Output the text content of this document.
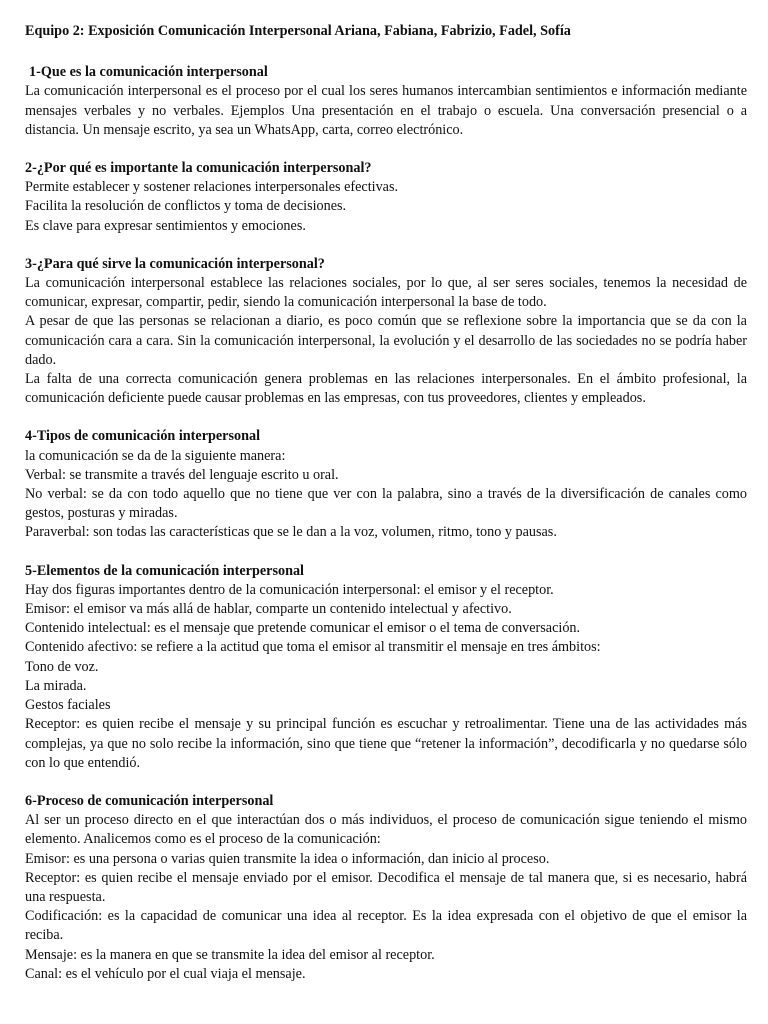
Equipo 2: Exposición Comunicación Interpersonal Ariana, Fabiana, Fabrizio, Fadel, Sofía

1-Que es la comunicación interpersonal

La comunicación interpersonal es el proceso por el cual los seres humanos intercambian sentimientos e información mediante mensajes verbales y no verbales. Ejemplos Una presentación en el trabajo o escuela. Una conversación presencial o a distancia. Un mensaje escrito, ya sea un WhatsApp, carta, correo electrónico.

2-¿Por qué es importante la comunicación interpersonal?

Permite establecer y sostener relaciones interpersonales efectivas.

Facilita la resolución de conflictos y toma de decisiones.

Es clave para expresar sentimientos y emociones.

3-¿Para qué sirve la comunicación interpersonal?

La comunicación interpersonal establece las relaciones sociales, por lo que, al ser seres sociales, tenemos la necesidad de comunicar, expresar, compartir, pedir, siendo la comunicación interpersonal la base de todo.

A pesar de que las personas se relacionan a diario, es poco común que se reflexione sobre la importancia que se da con la comunicación cara a cara. Sin la comunicación interpersonal, la evolución y el desarrollo de las sociedades no se podría haber dado.

La falta de una correcta comunicación genera problemas en las relaciones interpersonales. En el ámbito profesional, la comunicación deficiente puede causar problemas en las empresas, con tus proveedores, clientes y empleados.

4-Tipos de comunicación interpersonal

la comunicación se da de la siguiente manera:

Verbal: se transmite a través del lenguaje escrito u oral.

No verbal: se da con todo aquello que no tiene que ver con la palabra, sino a través de la diversificación de canales como gestos, posturas y miradas.

Paraverbal: son todas las características que se le dan a la voz, volumen, ritmo, tono y pausas.

5-Elementos de la comunicación interpersonal

Hay dos figuras importantes dentro de la comunicación interpersonal: el emisor y el receptor.

Emisor: el emisor va más allá de hablar, comparte un contenido intelectual y afectivo.

Contenido intelectual: es el mensaje que pretende comunicar el emisor o el tema de conversación.

Contenido afectivo: se refiere a la actitud que toma el emisor al transmitir el mensaje en tres ámbitos:

Tono de voz.

La mirada.

Gestos faciales

Receptor: es quien recibe el mensaje y su principal función es escuchar y retroalimentar. Tiene una de las actividades más complejas, ya que no solo recibe la información, sino que tiene que “retener la información”, decodificarla y no quedarse sólo con lo que entendió.

6-Proceso de comunicación interpersonal

Al ser un proceso directo en el que interactúan dos o más individuos, el proceso de comunicación sigue teniendo el mismo elemento. Analicemos como es el proceso de la comunicación:

Emisor: es una persona o varias quien transmite la idea o información, dan inicio al proceso.

Receptor: es quien recibe el mensaje enviado por el emisor. Decodifica el mensaje de tal manera que, si es necesario, habrá una respuesta.

Codificación: es la capacidad de comunicar una idea al receptor. Es la idea expresada con el objetivo de que el emisor la reciba.

Mensaje: es la manera en que se transmite la idea del emisor al receptor.

Canal: es el vehículo por el cual viaja el mensaje.
